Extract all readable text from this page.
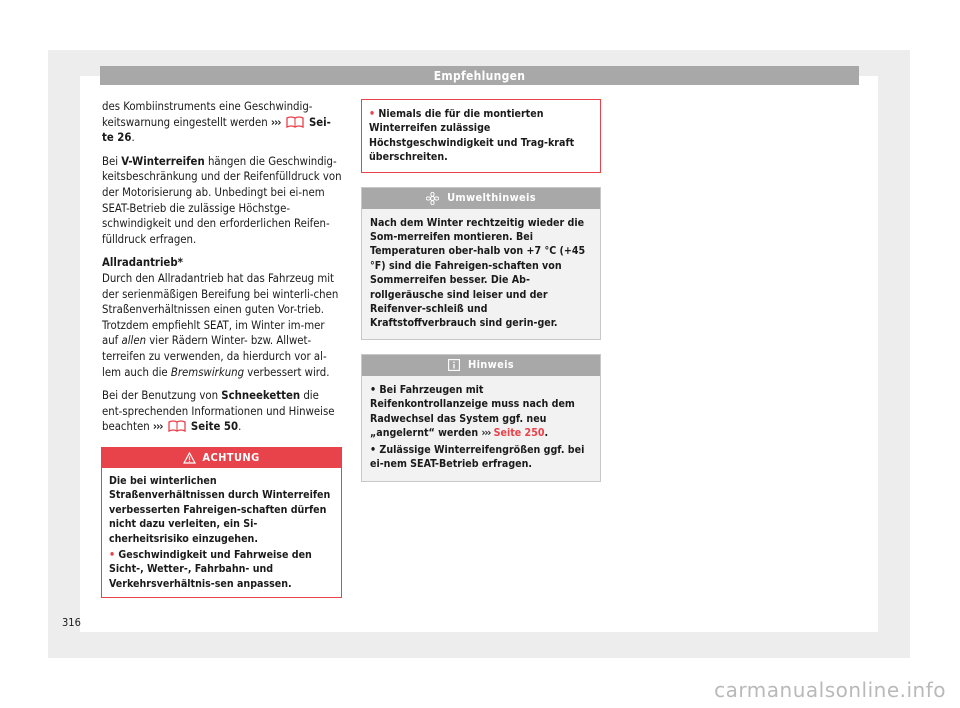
Empfehlungen

des Kombiinstruments eine Geschwindig-keitswarnung eingestellt werden ›››	Sei-te 26.

Bei V-Winterreifen hängen die Geschwindig-keitsbeschränkung und der Reifenfülldruck von der Motorisierung ab. Unbedingt bei ei-nem SEAT-Betrieb die zulässige Höchstge-schwindigkeit und den erforderlichen Reifen-fülldruck erfragen.

Allradantrieb*

Durch den Allradantrieb hat das Fahrzeug mit der serienmäßigen Bereifung bei winterli-chen Straßenverhältnissen einen guten Vor-trieb. Trotzdem empfiehlt SEAT, im Winter im-mer auf allen vier Rädern Winter- bzw. Allwet-terreifen zu verwenden, da hierdurch vor al-lem auch die Bremswirkung verbessert wird.

Bei der Benutzung von Schneeketten die ent-sprechenden Informationen und Hinweise beachten ›››	Seite 50.

ACHTUNG
Die bei winterlichen Straßenverhältnissen durch Winterreifen verbesserten Fahreigen-schaften dürfen nicht dazu verleiten, ein Si-cherheitsrisiko einzugehen.
• Geschwindigkeit und Fahrweise den Sicht-, Wetter-, Fahrbahn- und Verkehrsverhältnis-sen anpassen.
• Niemals die für die montierten Winterreifen zulässige Höchstgeschwindigkeit und Trag-kraft überschreiten.
Umwelthinweis
Nach dem Winter rechtzeitig wieder die Som-merreifen montieren. Bei Temperaturen ober-halb von +7 °C (+45 °F) sind die Fahreigen-schaften von Sommerreifen besser. Die Ab-rollgeräusche sind leiser und der Reifenver-schleiß und Kraftstoffverbrauch sind gerin-ger.
Hinweis

• Bei Fahrzeugen mit Reifenkontrollanzeige muss nach dem Radwechsel das System ggf. neu „angelernt“ werden ››› Seite 250.

• Zulässige Winterreifengrößen ggf. bei ei-nem SEAT-Betrieb erfragen.

316
carmanualsonline.info
